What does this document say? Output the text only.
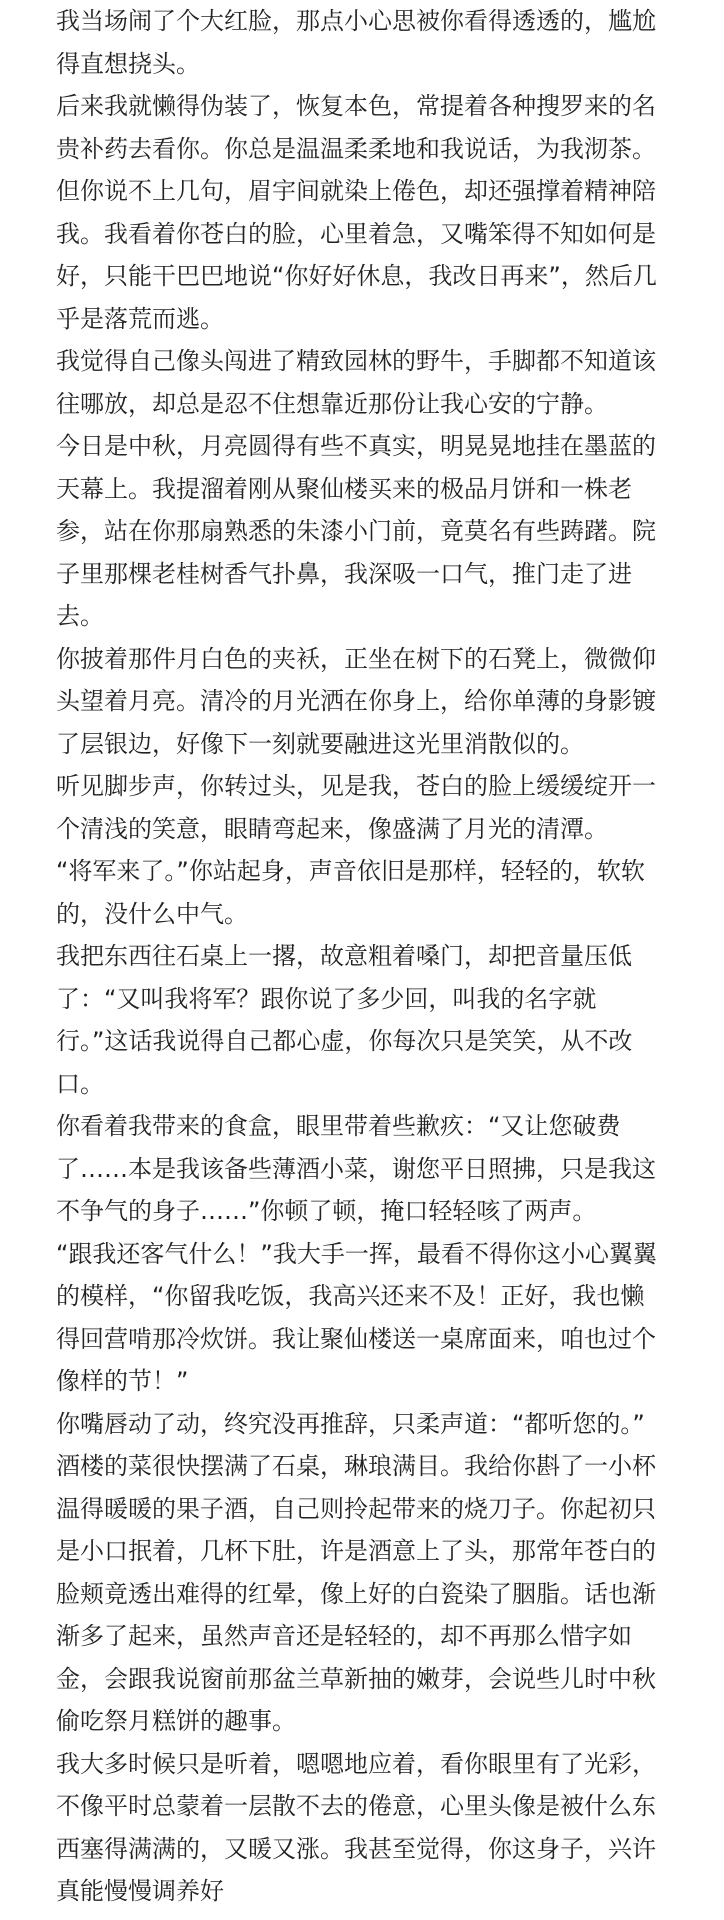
我当场闹了个大红脸，那点小心思被你看得透透的，尴尬得直想挠头。

后来我就懒得伪装了，恢复本色，常提着各种搜罗来的名贵补药去看你。你总是温温柔柔地和我说话，为我沏茶。但你说不上几句，眉宇间就染上倦色，却还强撑着精神陪我。我看着你苍白的脸，心里着急，又嘴笨得不知如何是好，只能干巴巴地说“你好好休息，我改日再来”，然后几乎是落荒而逃。

我觉得自己像头闯进了精致园林的野牛，手脚都不知道该往哪放，却总是忍不住想靠近那份让我心安的宁静。

今日是中秋，月亮圆得有些不真实，明晃晃地挂在墨蓝的天幕上。我提溜着刚从聚仙楼买来的极品月饼和一株老参，站在你那扇熟悉的朱漆小门前，竟莫名有些踌躇。院子里那棵老桂树香气扑鼻，我深吸一口气，推门走了进去。

你披着那件月白色的夹袄，正坐在树下的石凳上，微微仰头望着月亮。清冷的月光洒在你身上，给你单薄的身影镀了层银边，好像下一刻就要融进这光里消散似的。

听见脚步声，你转过头，见是我，苍白的脸上缓缓绽开一个清浅的笑意，眼睛弯起来，像盛满了月光的清潭。

“将军来了。”你站起身，声音依旧是那样，轻轻的，软软的，没什么中气。

我把东西往石桌上一撂，故意粗着嗓门，却把音量压低了：“又叫我将军？跟你说了多少回，叫我的名字就行。”这话我说得自己都心虚，你每次只是笑笑，从不改口。

你看着我带来的食盒，眼里带着些歉疚：“又让您破费了……本是我该备些薄酒小菜，谢您平日照拂，只是我这不争气的身子……”你顿了顿，掩口轻轻咳了两声。

“跟我还客气什么！”我大手一挥，最看不得你这小心翼翼的模样，“你留我吃饭，我高兴还来不及！正好，我也懒得回营啃那冷炊饼。我让聚仙楼送一桌席面来，咱也过个像样的节！”

你嘴唇动了动，终究没再推辞，只柔声道：“都听您的。”

酒楼的菜很快摆满了石桌，琳琅满目。我给你斟了一小杯温得暖暖的果子酒，自己则拎起带来的烧刀子。你起初只是小口抿着，几杯下肚，许是酒意上了头，那常年苍白的脸颊竟透出难得的红晕，像上好的白瓷染了胭脂。话也渐渐多了起来，虽然声音还是轻轻的，却不再那么惜字如金，会跟我说窗前那盆兰草新抽的嫩芽，会说些儿时中秋偷吃祭月糕饼的趣事。

我大多时候只是听着，嗯嗯地应着，看你眼里有了光彩，不像平时总蒙着一层散不去的倦意，心里头像是被什么东西塞得满满的，又暖又涨。我甚至觉得，你这身子，兴许真能慢慢调养好
